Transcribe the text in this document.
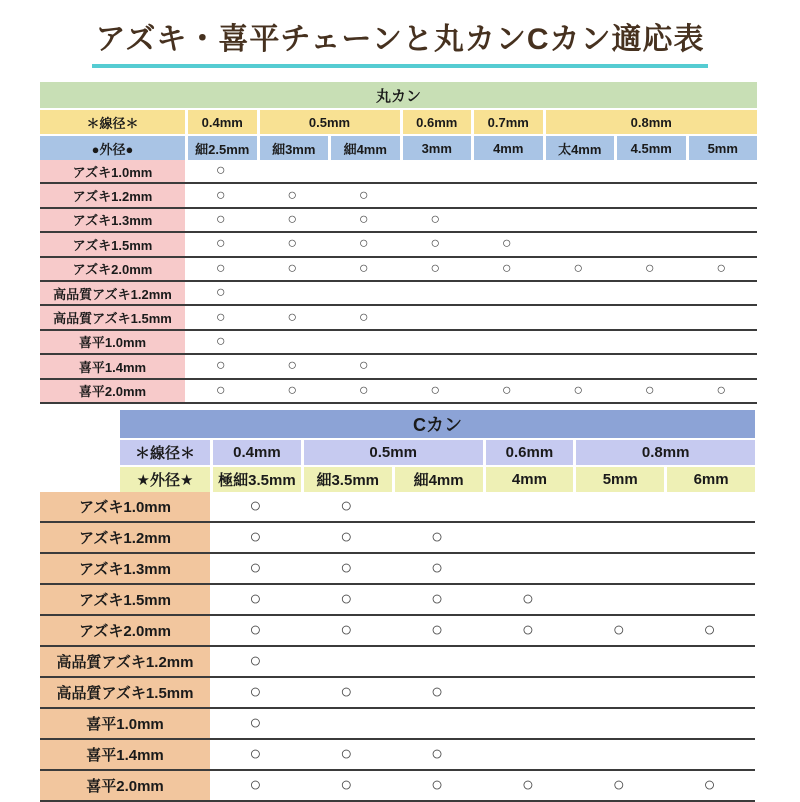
アズキ・喜平チェーンと丸カンCカン適応表
丸カン
＊線径＊	0.4mm	0.5mm	0.6mm	0.7mm	0.8mm
●外径●	細2.5mm	細3mm	細4mm	3mm	4mm	太4mm	4.5mm	5mm
アズキ1.0mm	○
アズキ1.2mm	○	○	○
アズキ1.3mm	○	○	○	○
アズキ1.5mm	○	○	○	○	○
アズキ2.0mm	○	○	○	○	○	○	○	○
高品質アズキ1.2mm	○
高品質アズキ1.5mm	○	○	○
喜平1.0mm	○
喜平1.4mm	○	○	○
喜平2.0mm	○	○	○	○	○	○	○	○
Cカン
＊線径＊	0.4mm	0.5mm	0.6mm	0.8mm
★外径★	極細3.5mm	細3.5mm	細4mm	4mm	5mm	6mm
アズキ1.0mm	○	○
アズキ1.2mm	○	○	○
アズキ1.3mm	○	○	○
アズキ1.5mm	○	○	○	○
アズキ2.0mm	○	○	○	○	○	○
高品質アズキ1.2mm	○
高品質アズキ1.5mm	○	○	○
喜平1.0mm	○
喜平1.4mm	○	○	○
喜平2.0mm	○	○	○	○	○	○
